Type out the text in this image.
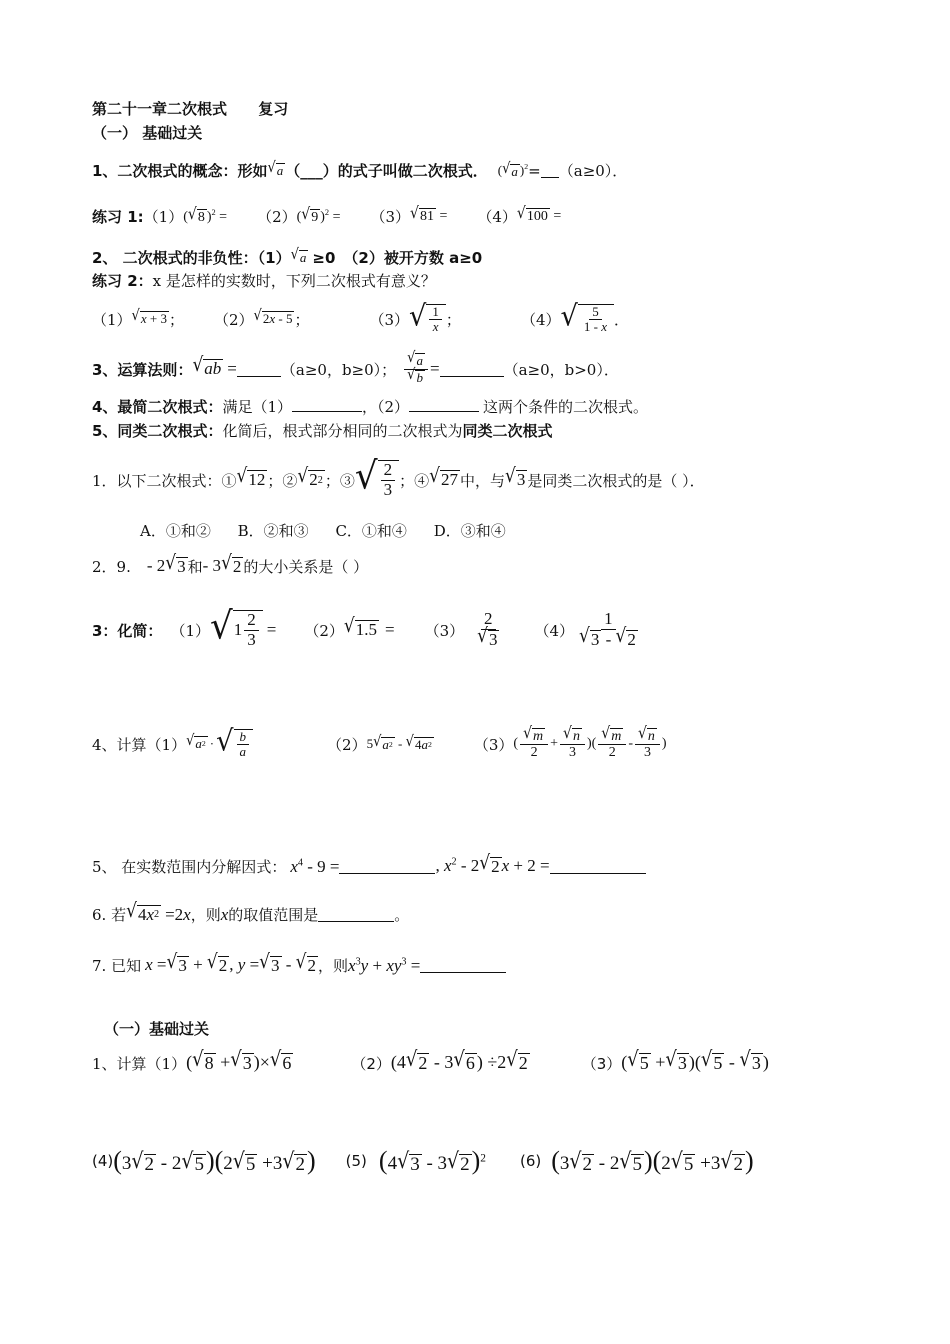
第二十一章二次根式 复习
（一） 基础过关
1、二次根式的概念：形如 √ a （ ___ ）的式子叫做二次根式． ( √ a )$^2$ = （a≥0）．
练习 1: （1） ( √ 8 )$^2$ = （2） ( √ 9 )$^2$ = （3） √ 81 = （4） √ 100 =
2、 二次根式的非负性：（1） √ a ≥0 （2）被开方数 a≥0
练习 2：x 是怎样的实数时，下列二次根式有意义？
（1） √ x + 3 ； （2） √ 2 x - 5 ；	（3） √ $\frac{1}{x}$ ；	（4） √ $\frac{5}{1 - x}$ ．
3、运算法则： √ ab =	（a≥0，b≥0）； $\frac{√ a}{√ b}$ =	（a≥0，b>0）．
4、最简二次根式：满足（1）	，（2）	这两个条件的二次根式。
5、同类二次根式：化简后，根式部分相同的二次根式为同类二次根式
1．以下二次根式：① √ 12 ；② √ 2 2 ；③ √ $\frac{2}{3}$ ；④ √ 27 中，与 √ 3 是同类二次根式的是（ ）．
A．①和② B．②和③ C．①和④ D．③和④
2．9. - 2 √ 3 和 - 3 √ 2 的大小关系是（ ）
3：化简： （1） √ $1 \frac{2}{3} = (2)$ √ $1.5 = (3) \frac{2}{√ 3} (4) \frac{1}{√ 3 - √ 2}$
4、计算（1） √ a 2 · √ $\frac{b}{a}$	（2） 5 √ a 2 - √ 4 a 2	（3） ( $\frac{√ m}{2} + \frac{√ n}{3}$ )( $\frac{√ m}{2} - \frac{√ n}{3}$ )
5、 在实数范围内分解因式： $x^4 - 9$ =	, $x^2 - 2$ √ 2 x + 2 =
6. 若 √ 4 x 2 =2x ，则 x 的取值范围是	。
7. 已知 x = √ 3 + √ 2 , y = √ 3 - √ 2 ，则 $x^3y + xy^3$ =
（一）基础过关
1、计算（1） ( √ 8 + √ 3 )× √ 6	（2） (4 √ 2 - 3 √ 6 ) ÷2 √ 2	（3） ( √ 5 + √ 3 )( √ 5 - √ 3 )
(4) (3 √ 2 - 2 √ 5 )(2 √ 5 +3 √ 2 ) (5) (4 √ 3 - 3 √ 2 )$^2$ (6) (3 √ 2 - 2 √ 5 )(2 √ 5 +3 √ 2 )
